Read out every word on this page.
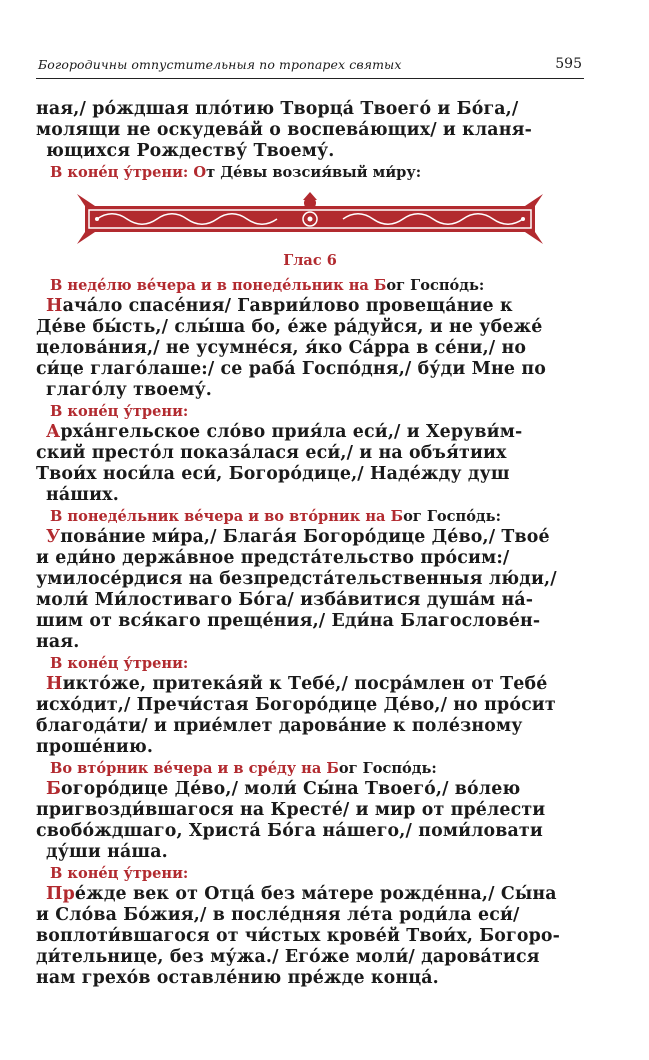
Богородичны отпустительныя по тропарех святых	595
ная,/ рóждшая плóтию Творцá Твоегó и Бóга,/
молящи не оскудевáй о воспевáющих/ и кланя-
ющихся Рождеству́ Твоему́.
В конéц у́трени: От Дéвы возсия́вый ми́ру:
Глас 6
В недéлю вéчера и в понедéльник на Бог Госпóдь:
Нача́ло спасéния/ Гаврии́лово провещáние к
Дéве бы́сть,/ слы́ша бо, éже рáдуйся, и не убежé
целовáния,/ не усумнéся, я́ко Сáрра в сéни,/ но
си́це глагóлаше:/ се рабá Госпóдня,/ бу́ди Мне по
глагóлу твоему́.
В конéц у́трени:
Архáнгельское слóво прия́ла еси́,/ и Херуви́м-
ский престóл показáлася еси́,/ и на объя́тиих
Твои́х носи́ла еси́, Богорóдице,/ Надéжду душ
нáших.
В понедéльник вéчера и во втóрник на Бог Госпóдь:
Уповáние ми́ра,/ Благáя Богорóдице Дéво,/ Твоé
и еди́но держáвное предстáтельство прóсим:/
умилосéрдися на безпредстáтельственныя лю́ди,/
моли́ Ми́лостиваго Бóга/ избáвитися душáм нá-
шим от вся́каго прещéния,/ Еди́на Благословéн-
ная.
В конéц у́трени:
Никто́же, притекáяй к Тебé,/ посрáмлен от Тебé
исхóдит,/ Пречи́стая Богорóдице Дéво,/ но прóсит
благодáти/ и приéмлет даровáние к полéзному
прошéнию.
Во втóрник вéчера и в срéду на Бог Госпóдь:
Богорóдице Дéво,/ моли́ Сы́на Твоегó,/ вóлею
пригвозди́вшагося на Крестé/ и мир от прéлести
свобóждшаго, Христá Бóга нáшего,/ поми́ловати
ду́ши нáша.
В конéц у́трени:
Прéжде век от Отцá без мáтере рождéнна,/ Сы́на
и Слóва Бóжия,/ в послéдняя лéта роди́ла еси́/
воплоти́вшагося от чи́стых кровéй Твои́х, Богоро-
ди́тельнице, без му́жа./ Егóже моли́/ даровáтися
нам грехóв оставлéнию прéжде концá.
